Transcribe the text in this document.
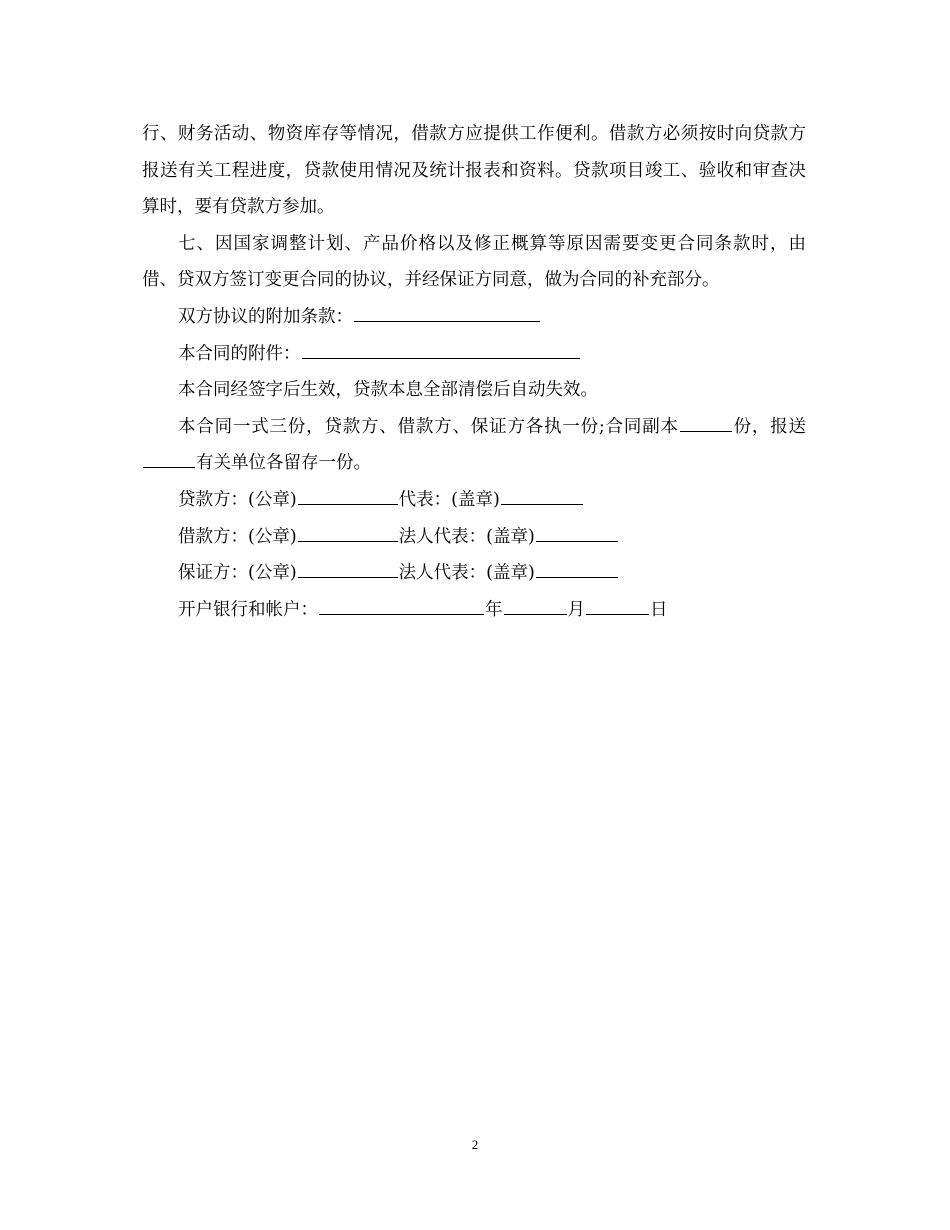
行、财务活动、物资库存等情况，借款方应提供工作便利。借款方必须按时向贷款方报送有关工程进度，贷款使用情况及统计报表和资料。贷款项目竣工、验收和审查决算时，要有贷款方参加。

七、因国家调整计划、产品价格以及修正概算等原因需要变更合同条款时，由借、贷双方签订变更合同的协议，并经保证方同意，做为合同的补充部分。

双方协议的附加条款：

本合同的附件：

本合同经签字后生效，贷款本息全部清偿后自动失效。

本合同一式三份，贷款方、借款方、保证方各执一份;合同副本	份，报送有关单位各留存一份。

贷款方：(公章)	代表：(盖章)

借款方：(公章)	法人代表：(盖章)

保证方：(公章)	法人代表：(盖章)

开户银行和帐户：	年	月	日

2
